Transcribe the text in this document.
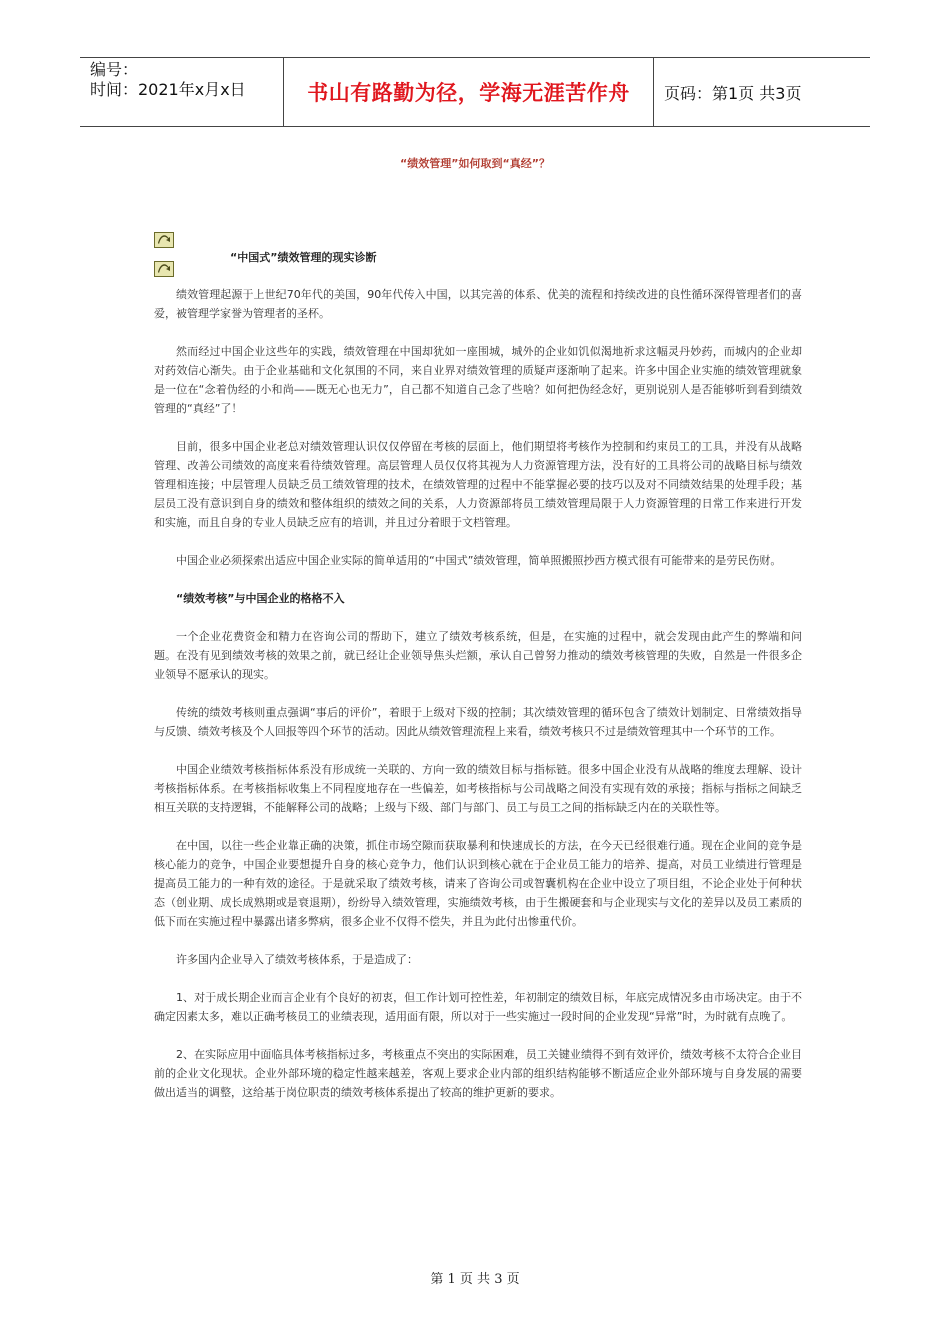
编号：
时间：2021年x月x日	书山有路勤为径，学海无涯苦作舟 页码：第1页 共3页
“绩效管理”如何取到“真经”？

“中国式”绩效管理的现实诊断

绩效管理起源于上世纪70年代的美国，90年代传入中国，以其完善的体系、优美的流程和持续改进的良性循环深得管理者们的喜爱，被管理学家誉为管理者的圣杯。

然而经过中国企业这些年的实践，绩效管理在中国却犹如一座围城，城外的企业如饥似渴地祈求这幅灵丹妙药，而城内的企业却对药效信心渐失。由于企业基础和文化氛围的不同，来自业界对绩效管理的质疑声逐渐响了起来。许多中国企业实施的绩效管理就象是一位在“念着伪经的小和尚——既无心也无力”，自己都不知道自己念了些啥？如何把伪经念好，更别说别人是否能够听到看到绩效管理的“真经”了！

目前，很多中国企业老总对绩效管理认识仅仅停留在考核的层面上，他们期望将考核作为控制和约束员工的工具，并没有从战略管理、改善公司绩效的高度来看待绩效管理。高层管理人员仅仅将其视为人力资源管理方法，没有好的工具将公司的战略目标与绩效管理相连接；中层管理人员缺乏员工绩效管理的技术，在绩效管理的过程中不能掌握必要的技巧以及对不同绩效结果的处理手段；基层员工没有意识到自身的绩效和整体组织的绩效之间的关系，人力资源部将员工绩效管理局限于人力资源管理的日常工作来进行开发和实施，而且自身的专业人员缺乏应有的培训，并且过分着眼于文档管理。

中国企业必须探索出适应中国企业实际的简单适用的“中国式”绩效管理，简单照搬照抄西方模式很有可能带来的是劳民伤财。

“绩效考核”与中国企业的格格不入

一个企业花费资金和精力在咨询公司的帮助下，建立了绩效考核系统，但是，在实施的过程中，就会发现由此产生的弊端和问题。在没有见到绩效考核的效果之前，就已经让企业领导焦头烂额，承认自己曾努力推动的绩效考核管理的失败，自然是一件很多企业领导不愿承认的现实。

传统的绩效考核则重点强调“事后的评价”，着眼于上级对下级的控制；其次绩效管理的循环包含了绩效计划制定、日常绩效指导与反馈、绩效考核及个人回报等四个环节的活动。因此从绩效管理流程上来看，绩效考核只不过是绩效管理其中一个环节的工作。

中国企业绩效考核指标体系没有形成统一关联的、方向一致的绩效目标与指标链。很多中国企业没有从战略的维度去理解、设计考核指标体系。在考核指标收集上不同程度地存在一些偏差，如考核指标与公司战略之间没有实现有效的承接；指标与指标之间缺乏相互关联的支持逻辑，不能解释公司的战略；上级与下级、部门与部门、员工与员工之间的指标缺乏内在的关联性等。

在中国，以往一些企业靠正确的决策，抓住市场空隙而获取暴利和快速成长的方法，在今天已经很难行通。现在企业间的竞争是核心能力的竞争，中国企业要想提升自身的核心竞争力，他们认识到核心就在于企业员工能力的培养、提高，对员工业绩进行管理是提高员工能力的一种有效的途径。于是就采取了绩效考核，请来了咨询公司或智囊机构在企业中设立了项目组，不论企业处于何种状态（创业期、成长成熟期或是衰退期），纷纷导入绩效管理，实施绩效考核，由于生搬硬套和与企业现实与文化的差异以及员工素质的低下而在实施过程中暴露出诸多弊病，很多企业不仅得不偿失，并且为此付出惨重代价。

许多国内企业导入了绩效考核体系，于是造成了：

1、对于成长期企业而言企业有个良好的初衷，但工作计划可控性差，年初制定的绩效目标，年底完成情况多由市场决定。由于不确定因素太多，难以正确考核员工的业绩表现，适用面有限，所以对于一些实施过一段时间的企业发现“异常”时，为时就有点晚了。

2、在实际应用中面临具体考核指标过多，考核重点不突出的实际困难，员工关键业绩得不到有效评价，绩效考核不太符合企业目前的企业文化现状。企业外部环境的稳定性越来越差，客观上要求企业内部的组织结构能够不断适应企业外部环境与自身发展的需要做出适当的调整，这给基于岗位职责的绩效考核体系提出了较高的维护更新的要求。

第 1 页 共 3 页
